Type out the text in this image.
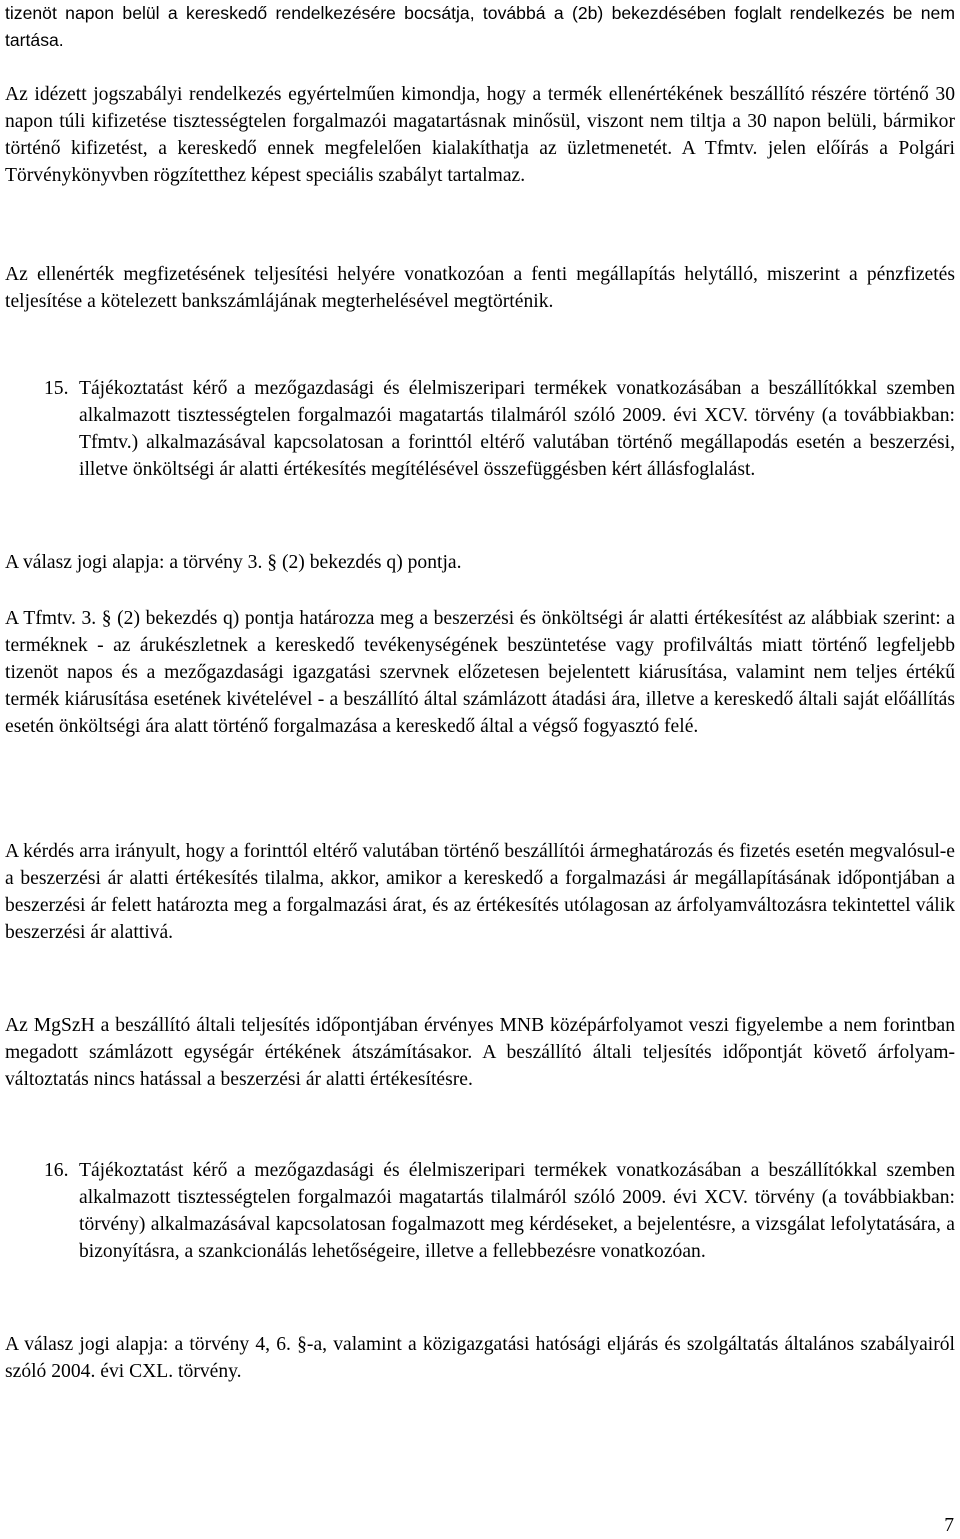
tizenöt napon belül a kereskedő rendelkezésére bocsátja, továbbá a (2b) bekezdésében foglalt rendelkezés be nem tartása.

Az idézett jogszabályi rendelkezés egyértelműen kimondja, hogy a termék ellenértékének beszállító részére történő 30 napon túli kifizetése tisztességtelen forgalmazói magatartásnak minősül, viszont nem tiltja a 30 napon belüli, bármikor történő kifizetést, a kereskedő ennek megfelelően kialakíthatja az üzletmenetét. A Tfmtv. jelen előírás a Polgári Törvénykönyvben rögzítetthez képest speciális szabályt tartalmaz.

Az ellenérték megfizetésének teljesítési helyére vonatkozóan a fenti megállapítás helytálló, miszerint a pénzfizetés teljesítése a kötelezett bankszámlájának megterhelésével megtörténik.

15. Tájékoztatást kérő a mezőgazdasági és élelmiszeripari termékek vonatkozásában a beszállítókkal szemben alkalmazott tisztességtelen forgalmazói magatartás tilalmáról szóló 2009. évi XCV. törvény (a továbbiakban: Tfmtv.) alkalmazásával kapcsolatosan a forinttól eltérő valutában történő megállapodás esetén a beszerzési, illetve önköltségi ár alatti értékesítés megítélésével összefüggésben kért állásfoglalást.

A válasz jogi alapja: a törvény 3. § (2) bekezdés q) pontja.

A Tfmtv. 3. § (2) bekezdés q) pontja határozza meg a beszerzési és önköltségi ár alatti értékesítést az alábbiak szerint: a terméknek - az árukészletnek a kereskedő tevékenységének beszüntetése vagy profilváltás miatt történő legfeljebb tizenöt napos és a mezőgazdasági igazgatási szervnek előzetesen bejelentett kiárusítása, valamint nem teljes értékű termék kiárusítása esetének kivételével - a beszállító által számlázott átadási ára, illetve a kereskedő általi saját előállítás esetén önköltségi ára alatt történő forgalmazása a kereskedő által a végső fogyasztó felé.

A kérdés arra irányult, hogy a forinttól eltérő valutában történő beszállítói ármeghatározás és fizetés esetén megvalósul-e a beszerzési ár alatti értékesítés tilalma, akkor, amikor a kereskedő a forgalmazási ár megállapításának időpontjában a beszerzési ár felett határozta meg a forgalmazási árat, és az értékesítés utólagosan az árfolyamváltozásra tekintettel válik beszerzési ár alattivá.

Az MgSzH a beszállító általi teljesítés időpontjában érvényes MNB középárfolyamot veszi figyelembe a nem forintban megadott számlázott egységár értékének átszámításakor. A beszállító általi teljesítés időpontját követő árfolyam-változtatás nincs hatással a beszerzési ár alatti értékesítésre.

16. Tájékoztatást kérő a mezőgazdasági és élelmiszeripari termékek vonatkozásában a beszállítókkal szemben alkalmazott tisztességtelen forgalmazói magatartás tilalmáról szóló 2009. évi XCV. törvény (a továbbiakban: törvény) alkalmazásával kapcsolatosan fogalmazott meg kérdéseket, a bejelentésre, a vizsgálat lefolytatására, a bizonyításra, a szankcionálás lehetőségeire, illetve a fellebbezésre vonatkozóan.

A válasz jogi alapja: a törvény 4, 6. §-a, valamint a közigazgatási hatósági eljárás és szolgáltatás általános szabályairól szóló 2004. évi CXL. törvény.

7
